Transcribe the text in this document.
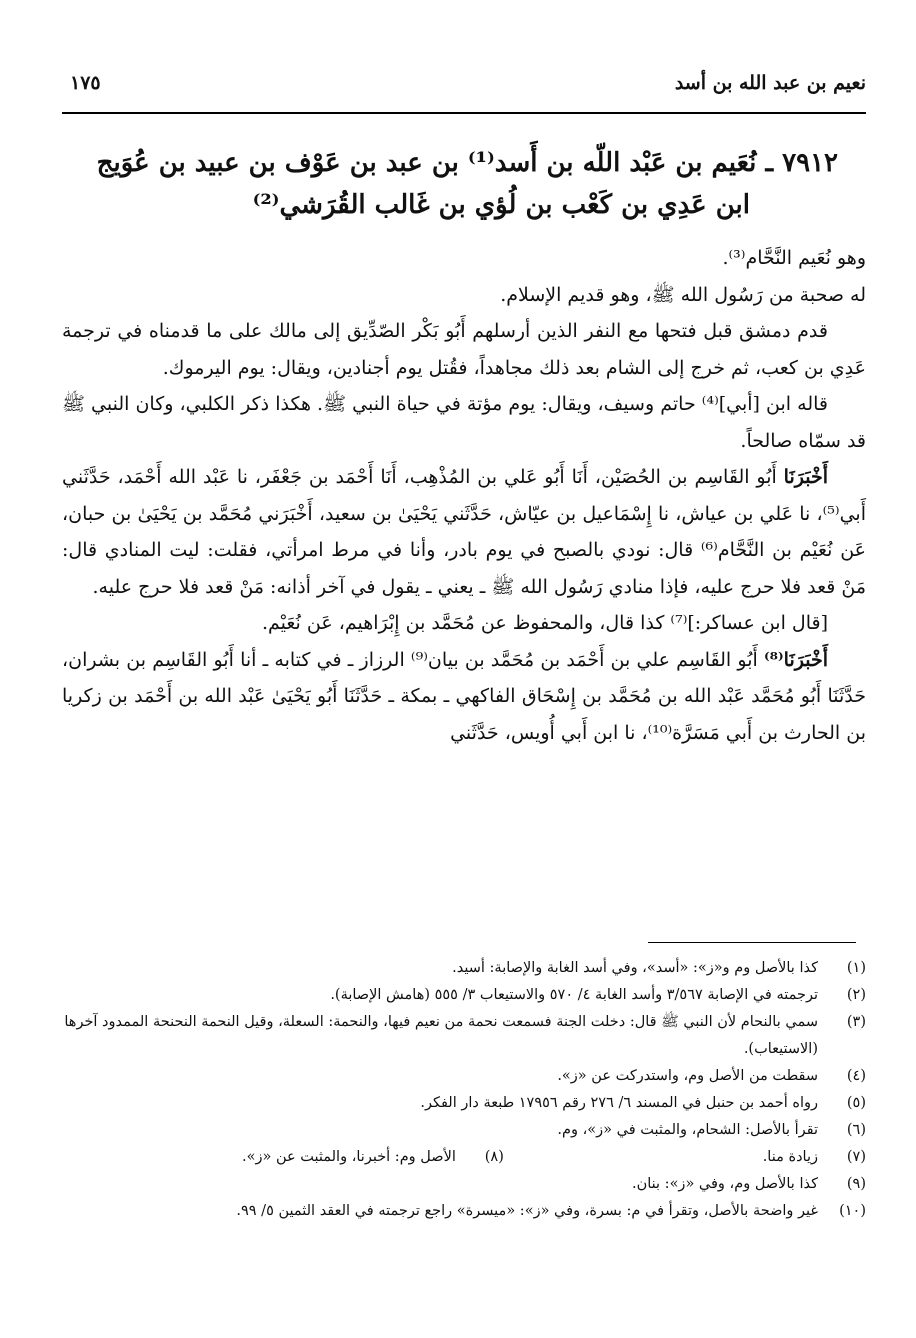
نعيم بن عبد الله بن أسد
١٧٥

٧٩١٢ ـ نُعَيم بن عَبْد اللّه بن أَسد⁽¹⁾ بن عبد بن عَوْف بن عبيد بن عُوَيج

ابن عَدِي بن كَعْب بن لُؤي بن غَالب القُرَشي⁽²⁾

وهو نُعَيم النَّحَّام⁽³⁾.

له صحبة من رَسُول الله ﷺ، وهو قديم الإسلام.

قدم دمشق قبل فتحها مع النفر الذين أرسلهم أَبُو بَكْر الصّدِّيق إلى مالك على ما قدمناه في ترجمة عَدِي بن كعب، ثم خرج إلى الشام بعد ذلك مجاهداً، فقُتل يوم أجنادين، ويقال: يوم اليرموك.

قاله ابن [أبي]⁽⁴⁾ حاتم وسيف، ويقال: يوم مؤتة في حياة النبي ﷺ. هكذا ذكر الكلبي، وكان النبي ﷺ قد سمّاه صالحاً.

أَخْبَرَنَا أَبُو القَاسِم بن الحُصَيْن، أَنَا أَبُو عَلي بن المُذْهِب، أَنَا أَحْمَد بن جَعْفَر، نا عَبْد الله أَحْمَد، حَدَّثَني أَبي⁽⁵⁾، نا عَلي بن عياش، نا إِسْمَاعيل بن عيّاش، حَدَّثَني يَحْيَىٰ بن سعيد، أَخْبَرَني مُحَمَّد بن يَحْيَىٰ بن حبان، عَن نُعَيْم بن النَّحَّام⁽⁶⁾ قال: نودي بالصبح في يوم بادر، وأنا في مرط امرأتي، فقلت: ليت المنادي قال: مَنْ قعد فلا حرج عليه، فإذا منادي رَسُول الله ﷺ ـ يعني ـ يقول في آخر أذانه: مَنْ قعد فلا حرج عليه.

[قال ابن عساكر:]⁽⁷⁾ كذا قال، والمحفوظ عن مُحَمَّد بن إِبْرَاهيم، عَن نُعَيْم.

أَخْبَرَنَا⁽⁸⁾ أَبُو القَاسِم علي بن أَحْمَد بن مُحَمَّد بن بيان⁽⁹⁾ الرزاز ـ في كتابه ـ أنا أَبُو القَاسِم بن بشران، حَدَّثَنَا أَبُو مُحَمَّد عَبْد الله بن مُحَمَّد بن إِسْحَاق الفاكهي ـ بمكة ـ حَدَّثَنَا أَبُو يَحْيَىٰ عَبْد الله بن أَحْمَد بن زكريا بن الحارث بن أَبي مَسَرَّة⁽¹⁰⁾، نا ابن أَبي أُويس، حَدَّثَني

(١)
كذا بالأصل وم و«ز»: «أسد»، وفي أسد الغابة والإصابة: أسيد.
(٢)
ترجمته في الإصابة ٣/٥٦٧ وأسد الغابة ٤/ ٥٧٠ والاستيعاب ٣/ ٥٥٥ (هامش الإصابة).
(٣)
سمي بالنحام لأن النبي ﷺ قال: دخلت الجنة فسمعت نحمة من نعيم فيها، والنحمة: السعلة، وقيل النحمة النحنحة الممدود آخرها (الاستيعاب).
(٤)
سقطت من الأصل وم، واستدركت عن «ز».
(٥)
رواه أحمد بن حنبل في المسند ٦/ ٢٧٦ رقم ١٧٩٥٦ طبعة دار الفكر.
(٦)
تقرأ بالأصل: الشحام، والمثبت في «ز»، وم.
(٧)
زيادة منا.
(٨)
الأصل وم: أخبرنا، والمثبت عن «ز».
(٩)
كذا بالأصل وم، وفي «ز»: بنان.
(١٠)
غير واضحة بالأصل، وتقرأ في م: بسرة، وفي «ز»: «ميسرة» راجع ترجمته في العقد الثمين ٥/ ٩٩.
